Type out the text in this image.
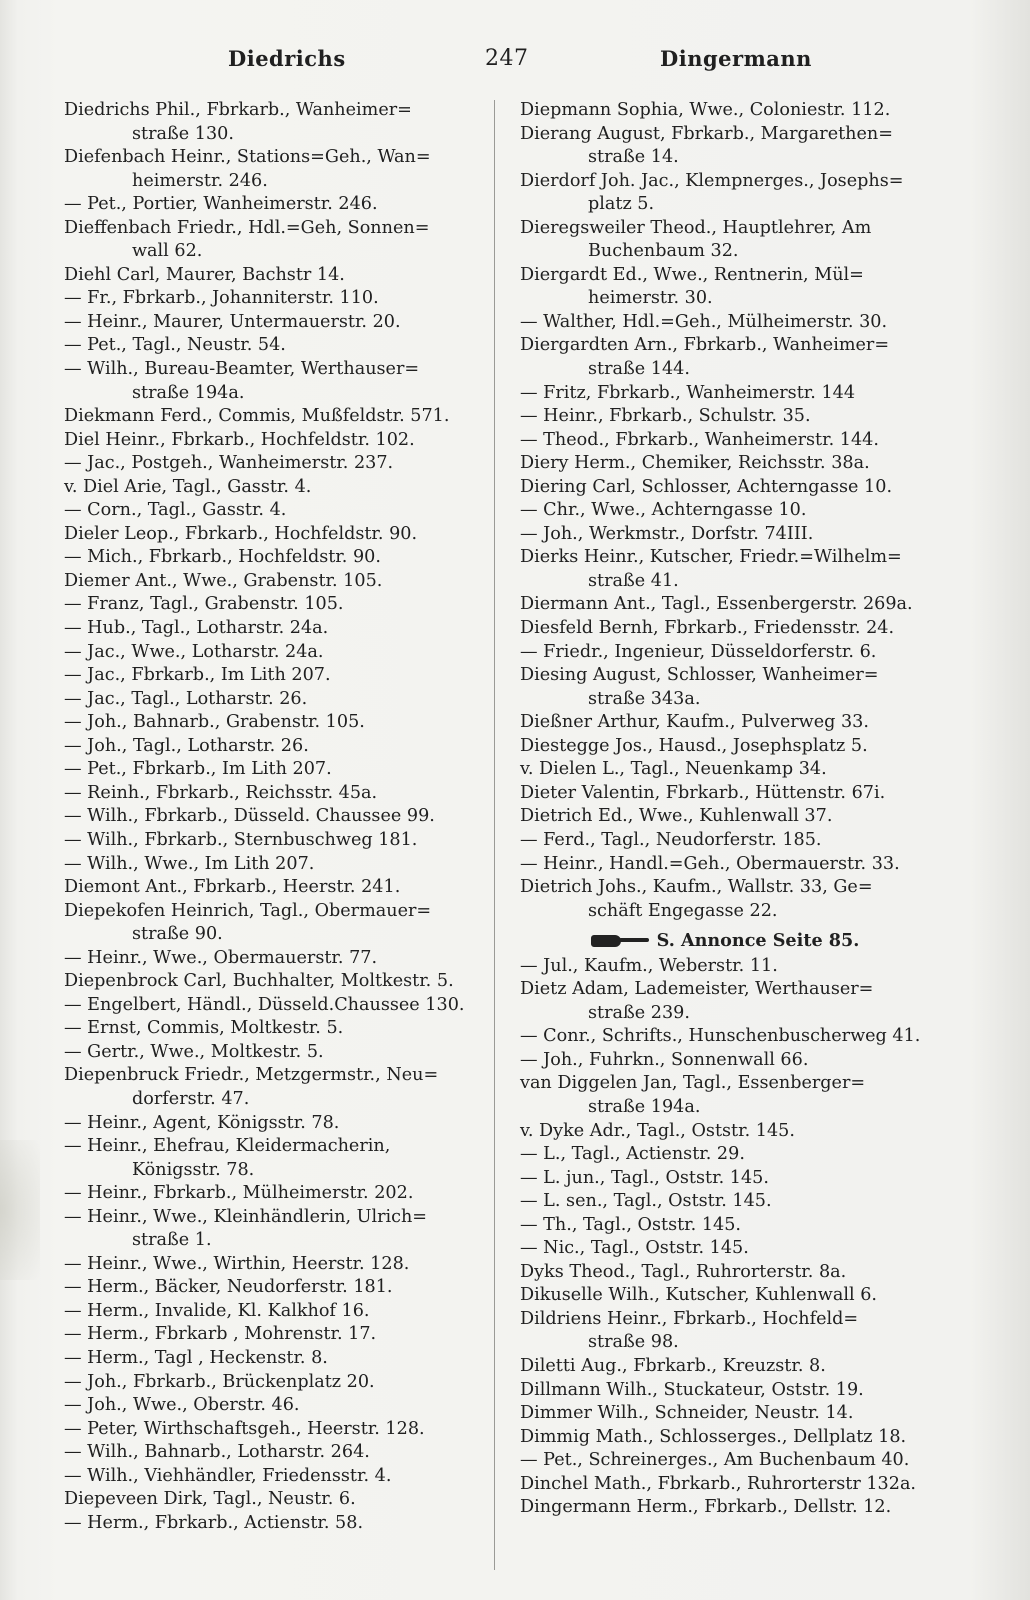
Diedrichs	247	Dingermann
Diedrichs Phil., Fbrkarb., Wanheimer=
straße 130.
Diefenbach Heinr., Stations=Geh., Wan=
heimerstr. 246.
— Pet., Portier, Wanheimerstr. 246.
Dieffenbach Friedr., Hdl.=Geh, Sonnen=
wall 62.
Diehl Carl, Maurer, Bachstr 14.
— Fr., Fbrkarb., Johanniterstr. 110.
— Heinr., Maurer, Untermauerstr. 20.
— Pet., Tagl., Neustr. 54.
— Wilh., Bureau-Beamter, Werthauser=
straße 194a.
Diekmann Ferd., Commis, Mußfeldstr. 571.
Diel Heinr., Fbrkarb., Hochfeldstr. 102.
— Jac., Postgeh., Wanheimerstr. 237.
v. Diel Arie, Tagl., Gasstr. 4.
— Corn., Tagl., Gasstr. 4.
Dieler Leop., Fbrkarb., Hochfeldstr. 90.
— Mich., Fbrkarb., Hochfeldstr. 90.
Diemer Ant., Wwe., Grabenstr. 105.
— Franz, Tagl., Grabenstr. 105.
— Hub., Tagl., Lotharstr. 24a.
— Jac., Wwe., Lotharstr. 24a.
— Jac., Fbrkarb., Im Lith 207.
— Jac., Tagl., Lotharstr. 26.
— Joh., Bahnarb., Grabenstr. 105.
— Joh., Tagl., Lotharstr. 26.
— Pet., Fbrkarb., Im Lith 207.
— Reinh., Fbrkarb., Reichsstr. 45a.
— Wilh., Fbrkarb., Düsseld. Chaussee 99.
— Wilh., Fbrkarb., Sternbuschweg 181.
— Wilh., Wwe., Im Lith 207.
Diemont Ant., Fbrkarb., Heerstr. 241.
Diepekofen Heinrich, Tagl., Obermauer=
straße 90.
— Heinr., Wwe., Obermauerstr. 77.
Diepenbrock Carl, Buchhalter, Moltkestr. 5.
— Engelbert, Händl., Düsseld.Chaussee 130.
— Ernst, Commis, Moltkestr. 5.
— Gertr., Wwe., Moltkestr. 5.
Diepenbruck Friedr., Metzgermstr., Neu=
dorferstr. 47.
— Heinr., Agent, Königsstr. 78.
— Heinr., Ehefrau, Kleidermacherin,
Königsstr. 78.
— Heinr., Fbrkarb., Mülheimerstr. 202.
— Heinr., Wwe., Kleinhändlerin, Ulrich=
straße 1.
— Heinr., Wwe., Wirthin, Heerstr. 128.
— Herm., Bäcker, Neudorferstr. 181.
— Herm., Invalide, Kl. Kalkhof 16.
— Herm., Fbrkarb , Mohrenstr. 17.
— Herm., Tagl , Heckenstr. 8.
— Joh., Fbrkarb., Brückenplatz 20.
— Joh., Wwe., Oberstr. 46.
— Peter, Wirthschaftsgeh., Heerstr. 128.
— Wilh., Bahnarb., Lotharstr. 264.
— Wilh., Viehhändler, Friedensstr. 4.
Diepeveen Dirk, Tagl., Neustr. 6.
— Herm., Fbrkarb., Actienstr. 58.
Diepmann Sophia, Wwe., Coloniestr. 112.
Dierang August, Fbrkarb., Margarethen=
straße 14.
Dierdorf Joh. Jac., Klempnerges., Josephs=
platz 5.
Dieregsweiler Theod., Hauptlehrer, Am
Buchenbaum 32.
Diergardt Ed., Wwe., Rentnerin, Mül=
heimerstr. 30.
— Walther, Hdl.=Geh., Mülheimerstr. 30.
Diergardten Arn., Fbrkarb., Wanheimer=
straße 144.
— Fritz, Fbrkarb., Wanheimerstr. 144
— Heinr., Fbrkarb., Schulstr. 35.
— Theod., Fbrkarb., Wanheimerstr. 144.
Diery Herm., Chemiker, Reichsstr. 38a.
Diering Carl, Schlosser, Achterngasse 10.
— Chr., Wwe., Achterngasse 10.
— Joh., Werkmstr., Dorfstr. 74III.
Dierks Heinr., Kutscher, Friedr.=Wilhelm=
straße 41.
Diermann Ant., Tagl., Essenbergerstr. 269a.
Diesfeld Bernh, Fbrkarb., Friedensstr. 24.
— Friedr., Ingenieur, Düsseldorferstr. 6.
Diesing August, Schlosser, Wanheimer=
straße 343a.
Dießner Arthur, Kaufm., Pulverweg 33.
Diestegge Jos., Hausd., Josephsplatz 5.
v. Dielen L., Tagl., Neuenkamp 34.
Dieter Valentin, Fbrkarb., Hüttenstr. 67i.
Dietrich Ed., Wwe., Kuhlenwall 37.
— Ferd., Tagl., Neudorferstr. 185.
— Heinr., Handl.=Geh., Obermauerstr. 33.
Dietrich Johs., Kaufm., Wallstr. 33, Ge=
schäft Engegasse 22.
S. Annonce Seite 85.
— Jul., Kaufm., Weberstr. 11.
Dietz Adam, Lademeister, Werthauser=
straße 239.
— Conr., Schrifts., Hunschenbuscherweg 41.
— Joh., Fuhrkn., Sonnenwall 66.
van Diggelen Jan, Tagl., Essenberger=
straße 194a.
v. Dyke Adr., Tagl., Oststr. 145.
— L., Tagl., Actienstr. 29.
— L. jun., Tagl., Oststr. 145.
— L. sen., Tagl., Oststr. 145.
— Th., Tagl., Oststr. 145.
— Nic., Tagl., Oststr. 145.
Dyks Theod., Tagl., Ruhrorterstr. 8a.
Dikuselle Wilh., Kutscher, Kuhlenwall 6.
Dildriens Heinr., Fbrkarb., Hochfeld=
straße 98.
Diletti Aug., Fbrkarb., Kreuzstr. 8.
Dillmann Wilh., Stuckateur, Oststr. 19.
Dimmer Wilh., Schneider, Neustr. 14.
Dimmig Math., Schlosserges., Dellplatz 18.
— Pet., Schreinerges., Am Buchenbaum 40.
Dinchel Math., Fbrkarb., Ruhrorterstr 132a.
Dingermann Herm., Fbrkarb., Dellstr. 12.
